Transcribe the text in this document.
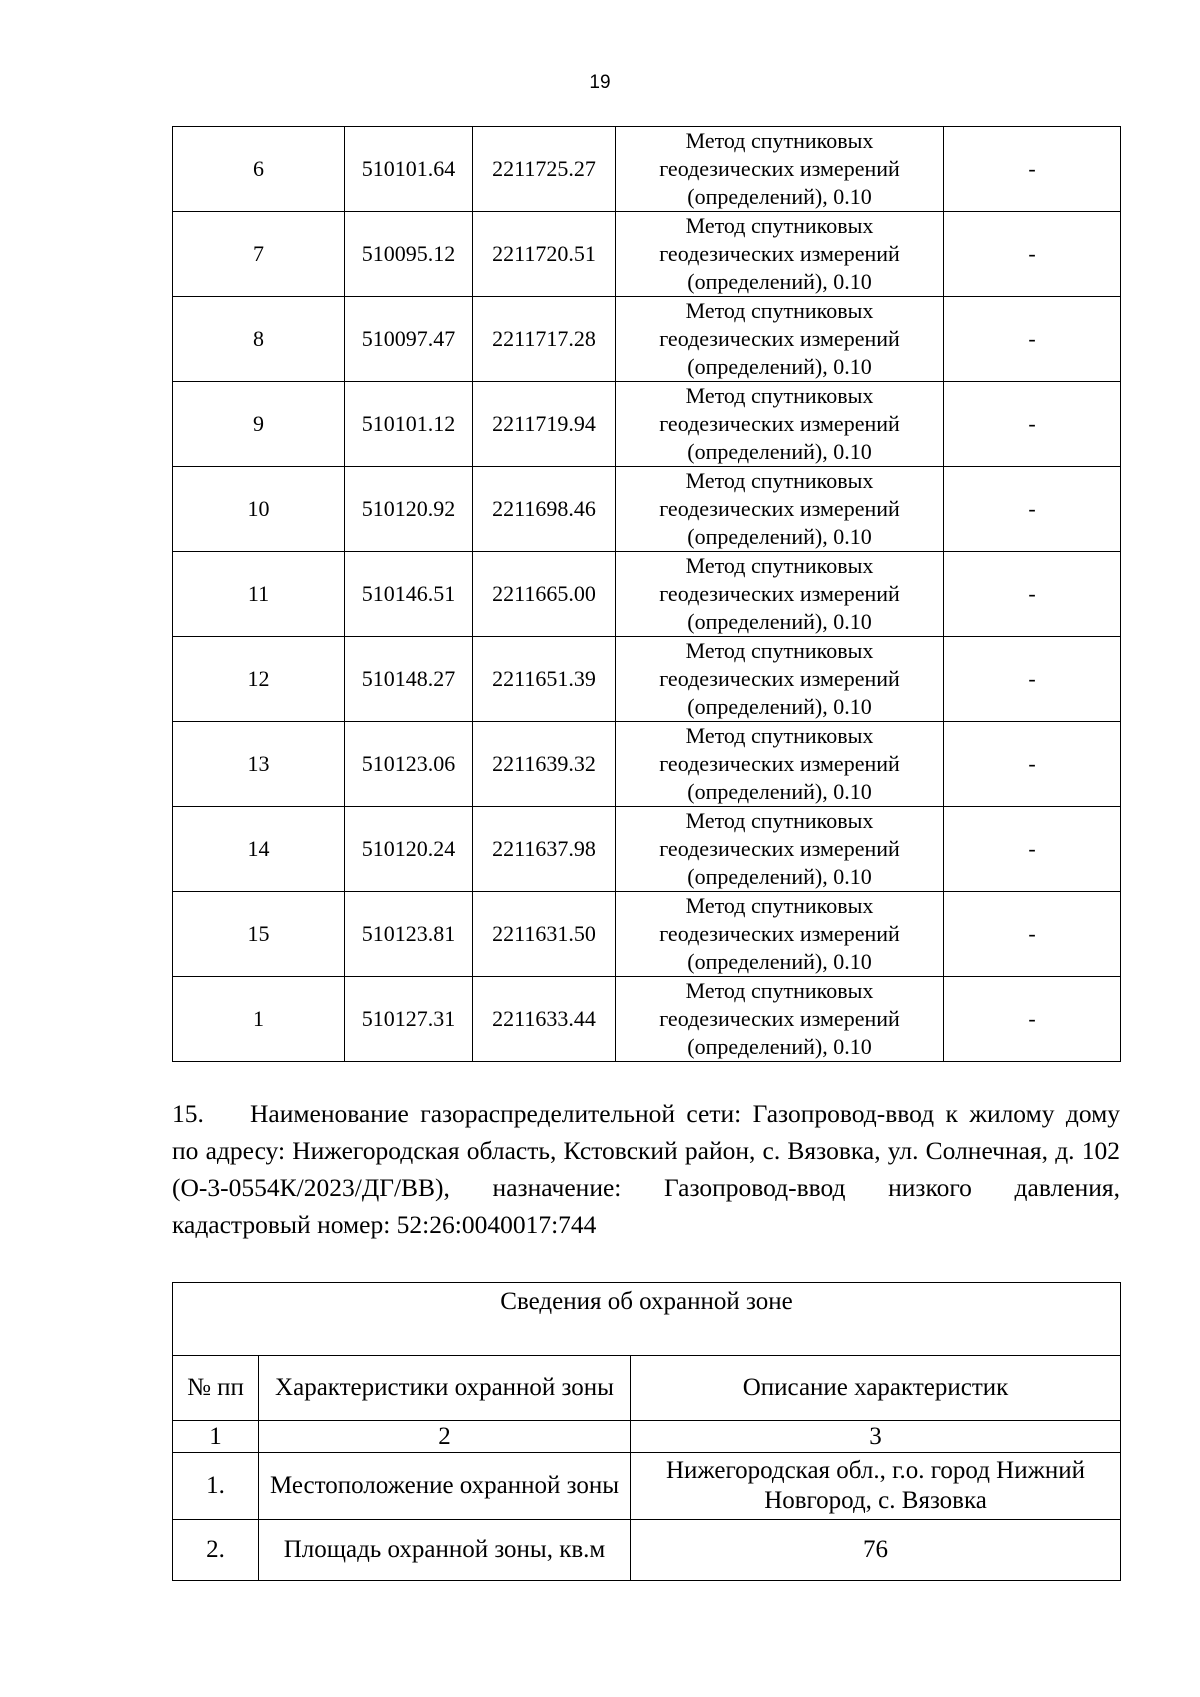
19
6	510101.64	2211725.27	Метод спутниковых
геодезических измерений
(определений), 0.10	-
7	510095.12	2211720.51	Метод спутниковых
геодезических измерений
(определений), 0.10	-
8	510097.47	2211717.28	Метод спутниковых
геодезических измерений
(определений), 0.10	-
9	510101.12	2211719.94	Метод спутниковых
геодезических измерений
(определений), 0.10	-
10	510120.92	2211698.46	Метод спутниковых
геодезических измерений
(определений), 0.10	-
11	510146.51	2211665.00	Метод спутниковых
геодезических измерений
(определений), 0.10	-
12	510148.27	2211651.39	Метод спутниковых
геодезических измерений
(определений), 0.10	-
13	510123.06	2211639.32	Метод спутниковых
геодезических измерений
(определений), 0.10	-
14	510120.24	2211637.98	Метод спутниковых
геодезических измерений
(определений), 0.10	-
15	510123.81	2211631.50	Метод спутниковых
геодезических измерений
(определений), 0.10	-
1	510127.31	2211633.44	Метод спутниковых
геодезических измерений
(определений), 0.10	-

15. Наименование газораспределительной сети: Газопровод-ввод к жилому дому по адресу: Нижегородская область, Кстовский район, с. Вязовка, ул. Солнечная, д. 102 (О-3-0554К/2023/ДГ/ВВ), назначение: Газопровод-ввод низкого давления, кадастровый номер: 52:26:0040017:744

Сведения об охранной зоне		
№ пп	Характеристики охранной зоны	Описание характеристик
1	2	3
1.	Местоположение охранной зоны	Нижегородская обл., г.о. город Нижний Новгород, с. Вязовка
2.	Площадь охранной зоны, кв.м	76
